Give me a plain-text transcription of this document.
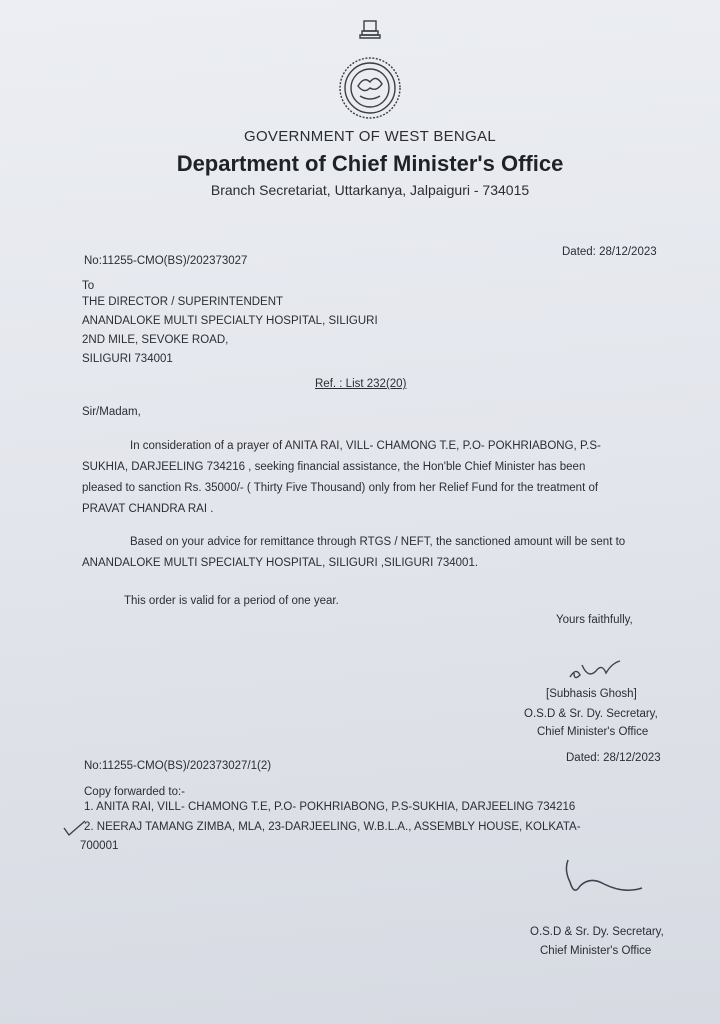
GOVERNMENT OF WEST BENGAL
Department of Chief Minister's Office
Branch Secretariat, Uttarkanya, Jalpaiguri - 734015
No:11255-CMO(BS)/202373027
Dated: 28/12/2023
To
THE DIRECTOR / SUPERINTENDENT
ANANDALOKE MULTI SPECIALTY HOSPITAL, SILIGURI
2ND MILE, SEVOKE ROAD,
SILIGURI 734001
Ref. : List 232(20)
Sir/Madam,
In consideration of a prayer of ANITA RAI, VILL- CHAMONG T.E, P.O- POKHRIABONG, P.S-
SUKHIA, DARJEELING 734216 , seeking financial assistance, the Hon'ble Chief Minister has been
pleased to sanction Rs. 35000/- ( Thirty Five Thousand) only from her Relief Fund for the treatment of
PRAVAT CHANDRA RAI .
Based on your advice for remittance through RTGS / NEFT, the sanctioned amount will be sent to
ANANDALOKE MULTI SPECIALTY HOSPITAL, SILIGURI ,SILIGURI 734001.
This order is valid for a period of one year.
Yours faithfully,
[Subhasis Ghosh]
O.S.D & Sr. Dy. Secretary,
Chief Minister's Office
No:11255-CMO(BS)/202373027/1(2)
Dated: 28/12/2023
Copy forwarded to:-
1. ANITA RAI, VILL- CHAMONG T.E, P.O- POKHRIABONG, P.S-SUKHIA, DARJEELING 734216
2. NEERAJ TAMANG ZIMBA, MLA, 23-DARJEELING, W.B.L.A., ASSEMBLY HOUSE, KOLKATA-
700001
O.S.D & Sr. Dy. Secretary,
Chief Minister's Office
